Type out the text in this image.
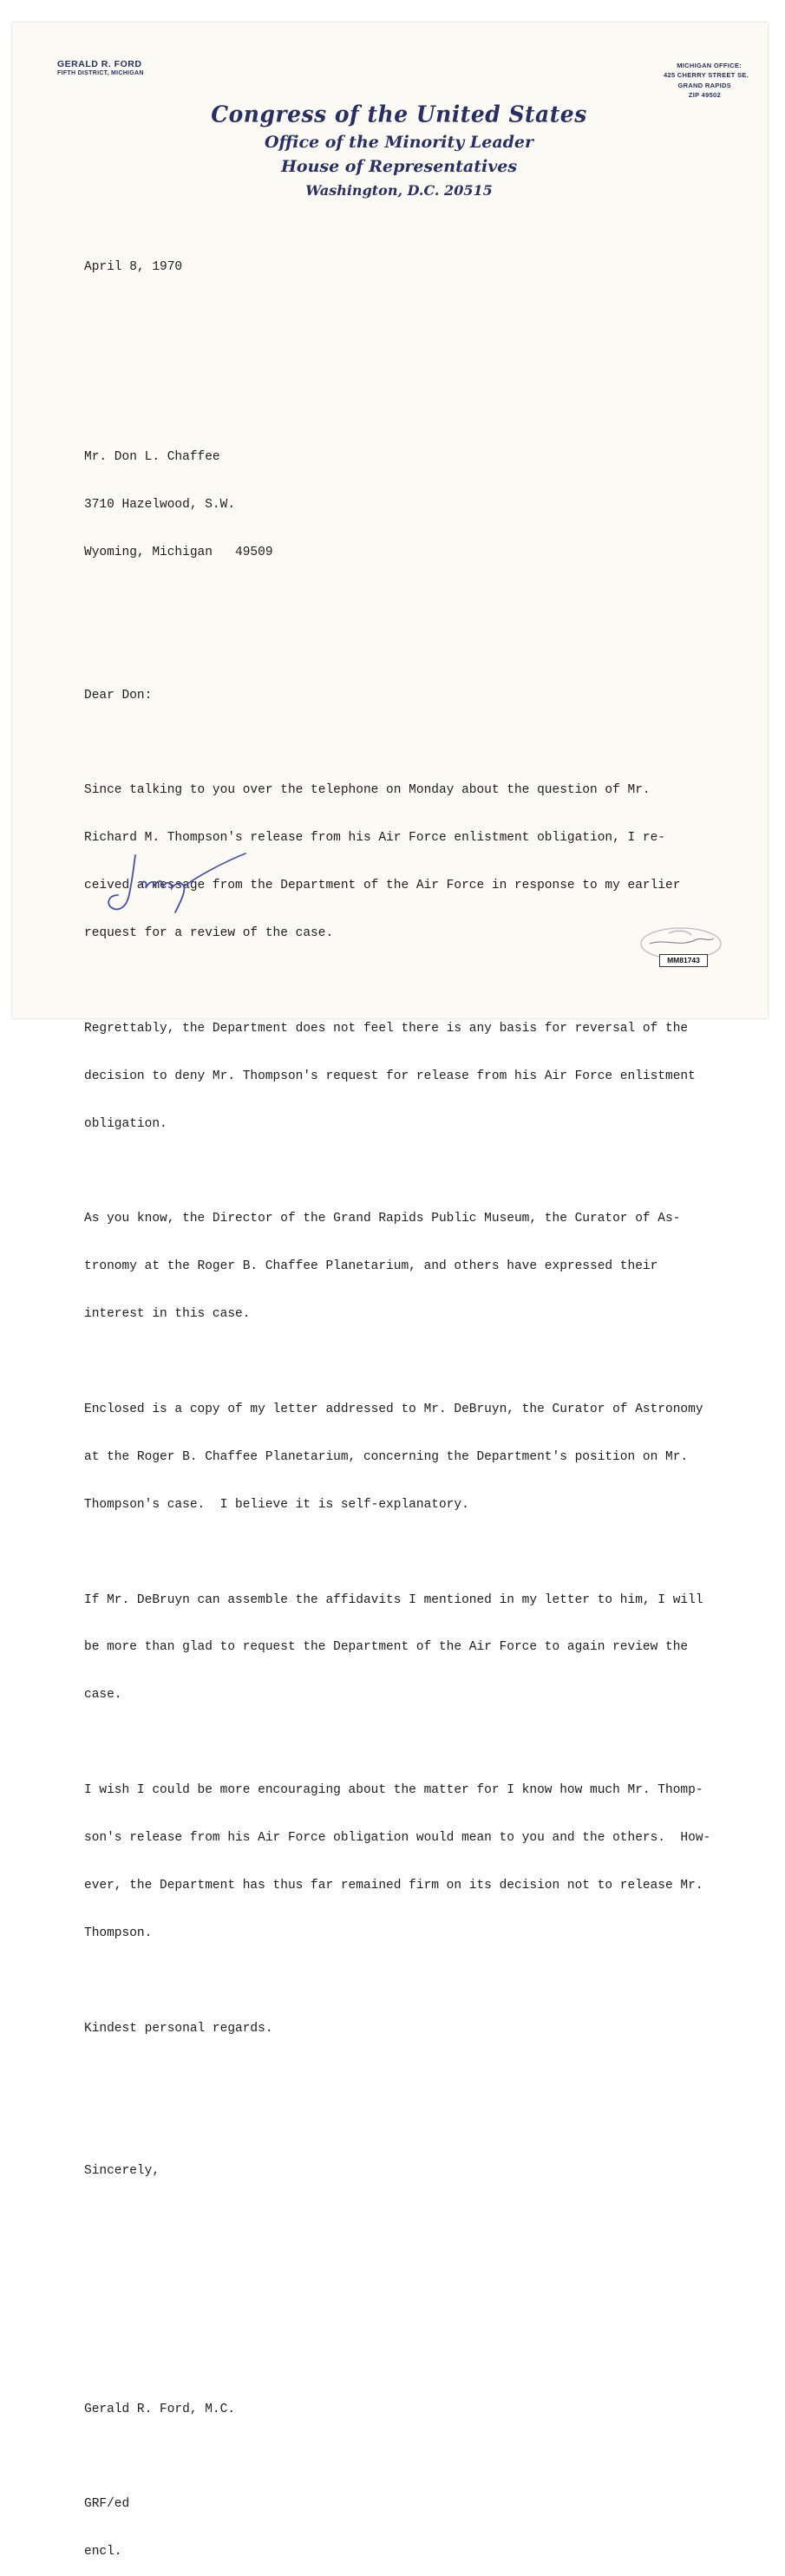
GERALD R. FORD
FIFTH DISTRICT, MICHIGAN
MICHIGAN OFFICE:
425 CHERRY STREET SE.
GRAND RAPIDS
ZIP 49502
Congress of the United States
Office of the Minority Leader
House of Representatives
Washington, D.C. 20515

April 8, 1970

Mr. Don L. Chaffee

3710 Hazelwood, S.W.

Wyoming, Michigan   49509

Dear Don:

Since talking to you over the telephone on Monday about the question of Mr.

Richard M. Thompson's release from his Air Force enlistment obligation, I re-

ceived a message from the Department of the Air Force in response to my earlier

request for a review of the case.

Regrettably, the Department does not feel there is any basis for reversal of the

decision to deny Mr. Thompson's request for release from his Air Force enlistment

obligation.

As you know, the Director of the Grand Rapids Public Museum, the Curator of As-

tronomy at the Roger B. Chaffee Planetarium, and others have expressed their

interest in this case.

Enclosed is a copy of my letter addressed to Mr. DeBruyn, the Curator of Astronomy

at the Roger B. Chaffee Planetarium, concerning the Department's position on Mr.

Thompson's case.  I believe it is self-explanatory.

If Mr. DeBruyn can assemble the affidavits I mentioned in my letter to him, I will

be more than glad to request the Department of the Air Force to again review the

case.

I wish I could be more encouraging about the matter for I know how much Mr. Thomp-

son's release from his Air Force obligation would mean to you and the others.  How-

ever, the Department has thus far remained firm on its decision not to release Mr.

Thompson.

Kindest personal regards.

Sincerely,

Gerald R. Ford, M.C.

GRF/ed

encl.

MM81743
